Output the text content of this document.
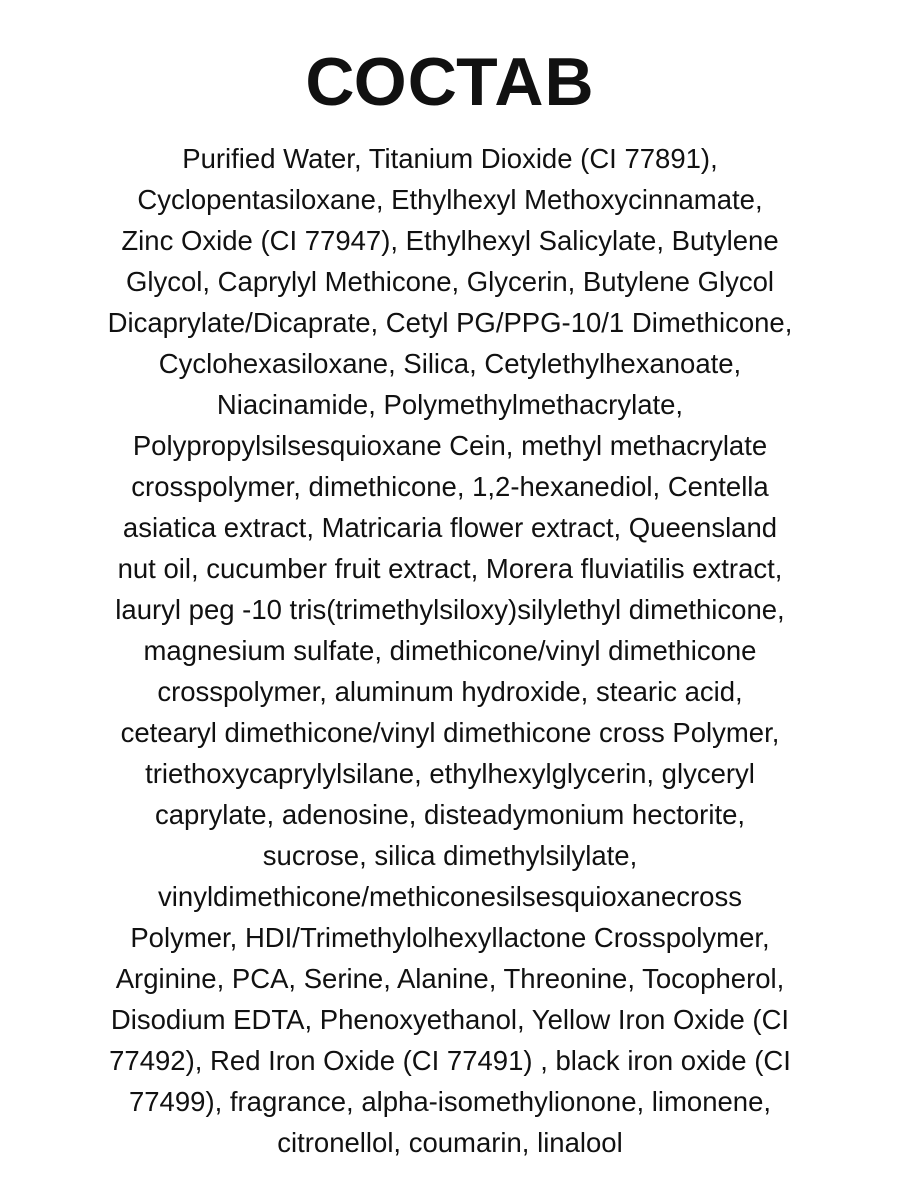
СОСТАВ
Purified Water, Titanium Dioxide (CI 77891),
Cyclopentasiloxane, Ethylhexyl Methoxycinnamate,
Zinc Oxide (CI 77947), Ethylhexyl Salicylate, Butylene
Glycol, Caprylyl Methicone, Glycerin, Butylene Glycol
Dicaprylate/Dicaprate, Cetyl PG/PPG-10/1 Dimethicone,
Cyclohexasiloxane, Silica, Cetylethylhexanoate,
Niacinamide, Polymethylmethacrylate,
Polypropylsilsesquioxane Cein, methyl methacrylate
crosspolymer, dimethicone, 1,2-hexanediol, Centella
asiatica extract, Matricaria flower extract, Queensland
nut oil, cucumber fruit extract, Morera fluviatilis extract,
lauryl peg -10 tris(trimethylsiloxy)silylethyl dimethicone,
magnesium sulfate, dimethicone/vinyl dimethicone
crosspolymer, aluminum hydroxide, stearic acid,
cetearyl dimethicone/vinyl dimethicone cross Polymer,
triethoxycaprylylsilane, ethylhexylglycerin, glyceryl
caprylate, adenosine, disteadymonium hectorite,
sucrose, silica dimethylsilylate,
vinyldimethicone/methiconesilsesquioxanecross
Polymer, HDI/Trimethylolhexyllactone Crosspolymer,
Arginine, PCA, Serine, Alanine, Threonine, Tocopherol,
Disodium EDTA, Phenoxyethanol, Yellow Iron Oxide (CI
77492), Red Iron Oxide (CI 77491) , black iron oxide (CI
77499), fragrance, alpha-isomethylionone, limonene,
citronellol, coumarin, linalool
